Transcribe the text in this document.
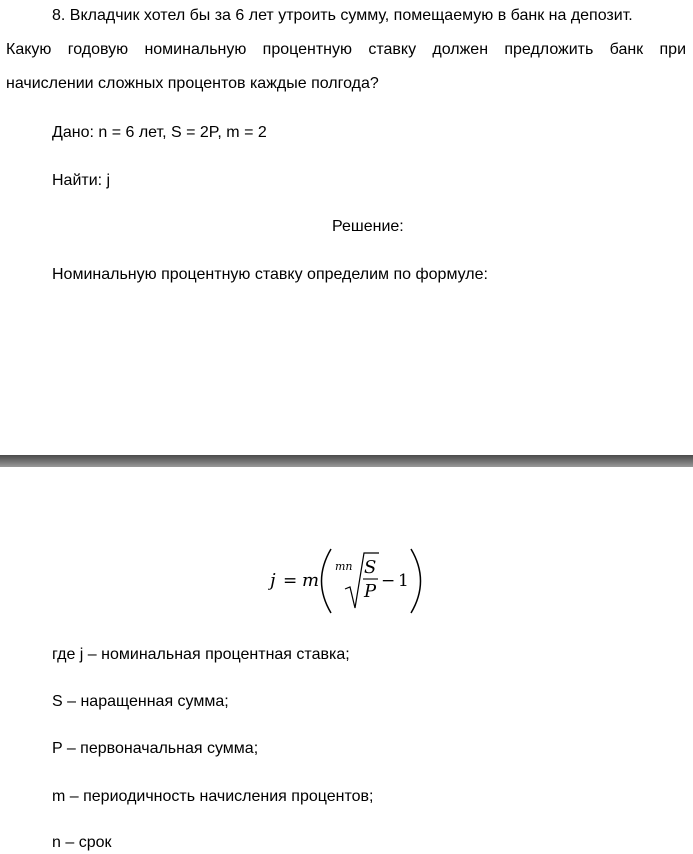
8. Вкладчик хотел бы за 6 лет утроить сумму, помещаемую в банк на депозит.
Какую годовую номинальную процентную ставку должен предложить банк при
начислении сложных процентов каждые полгода?
Дано: n = 6 лет, S = 2P, m = 2
Найти: j
Решение:
Номинальную процентную ставку определим по формуле:
j = m
mn S
P − 1
где j – номинальная процентная ставка;
S – наращенная сумма;
P – первоначальная сумма;
m – периодичность начисления процентов;
n – срок
